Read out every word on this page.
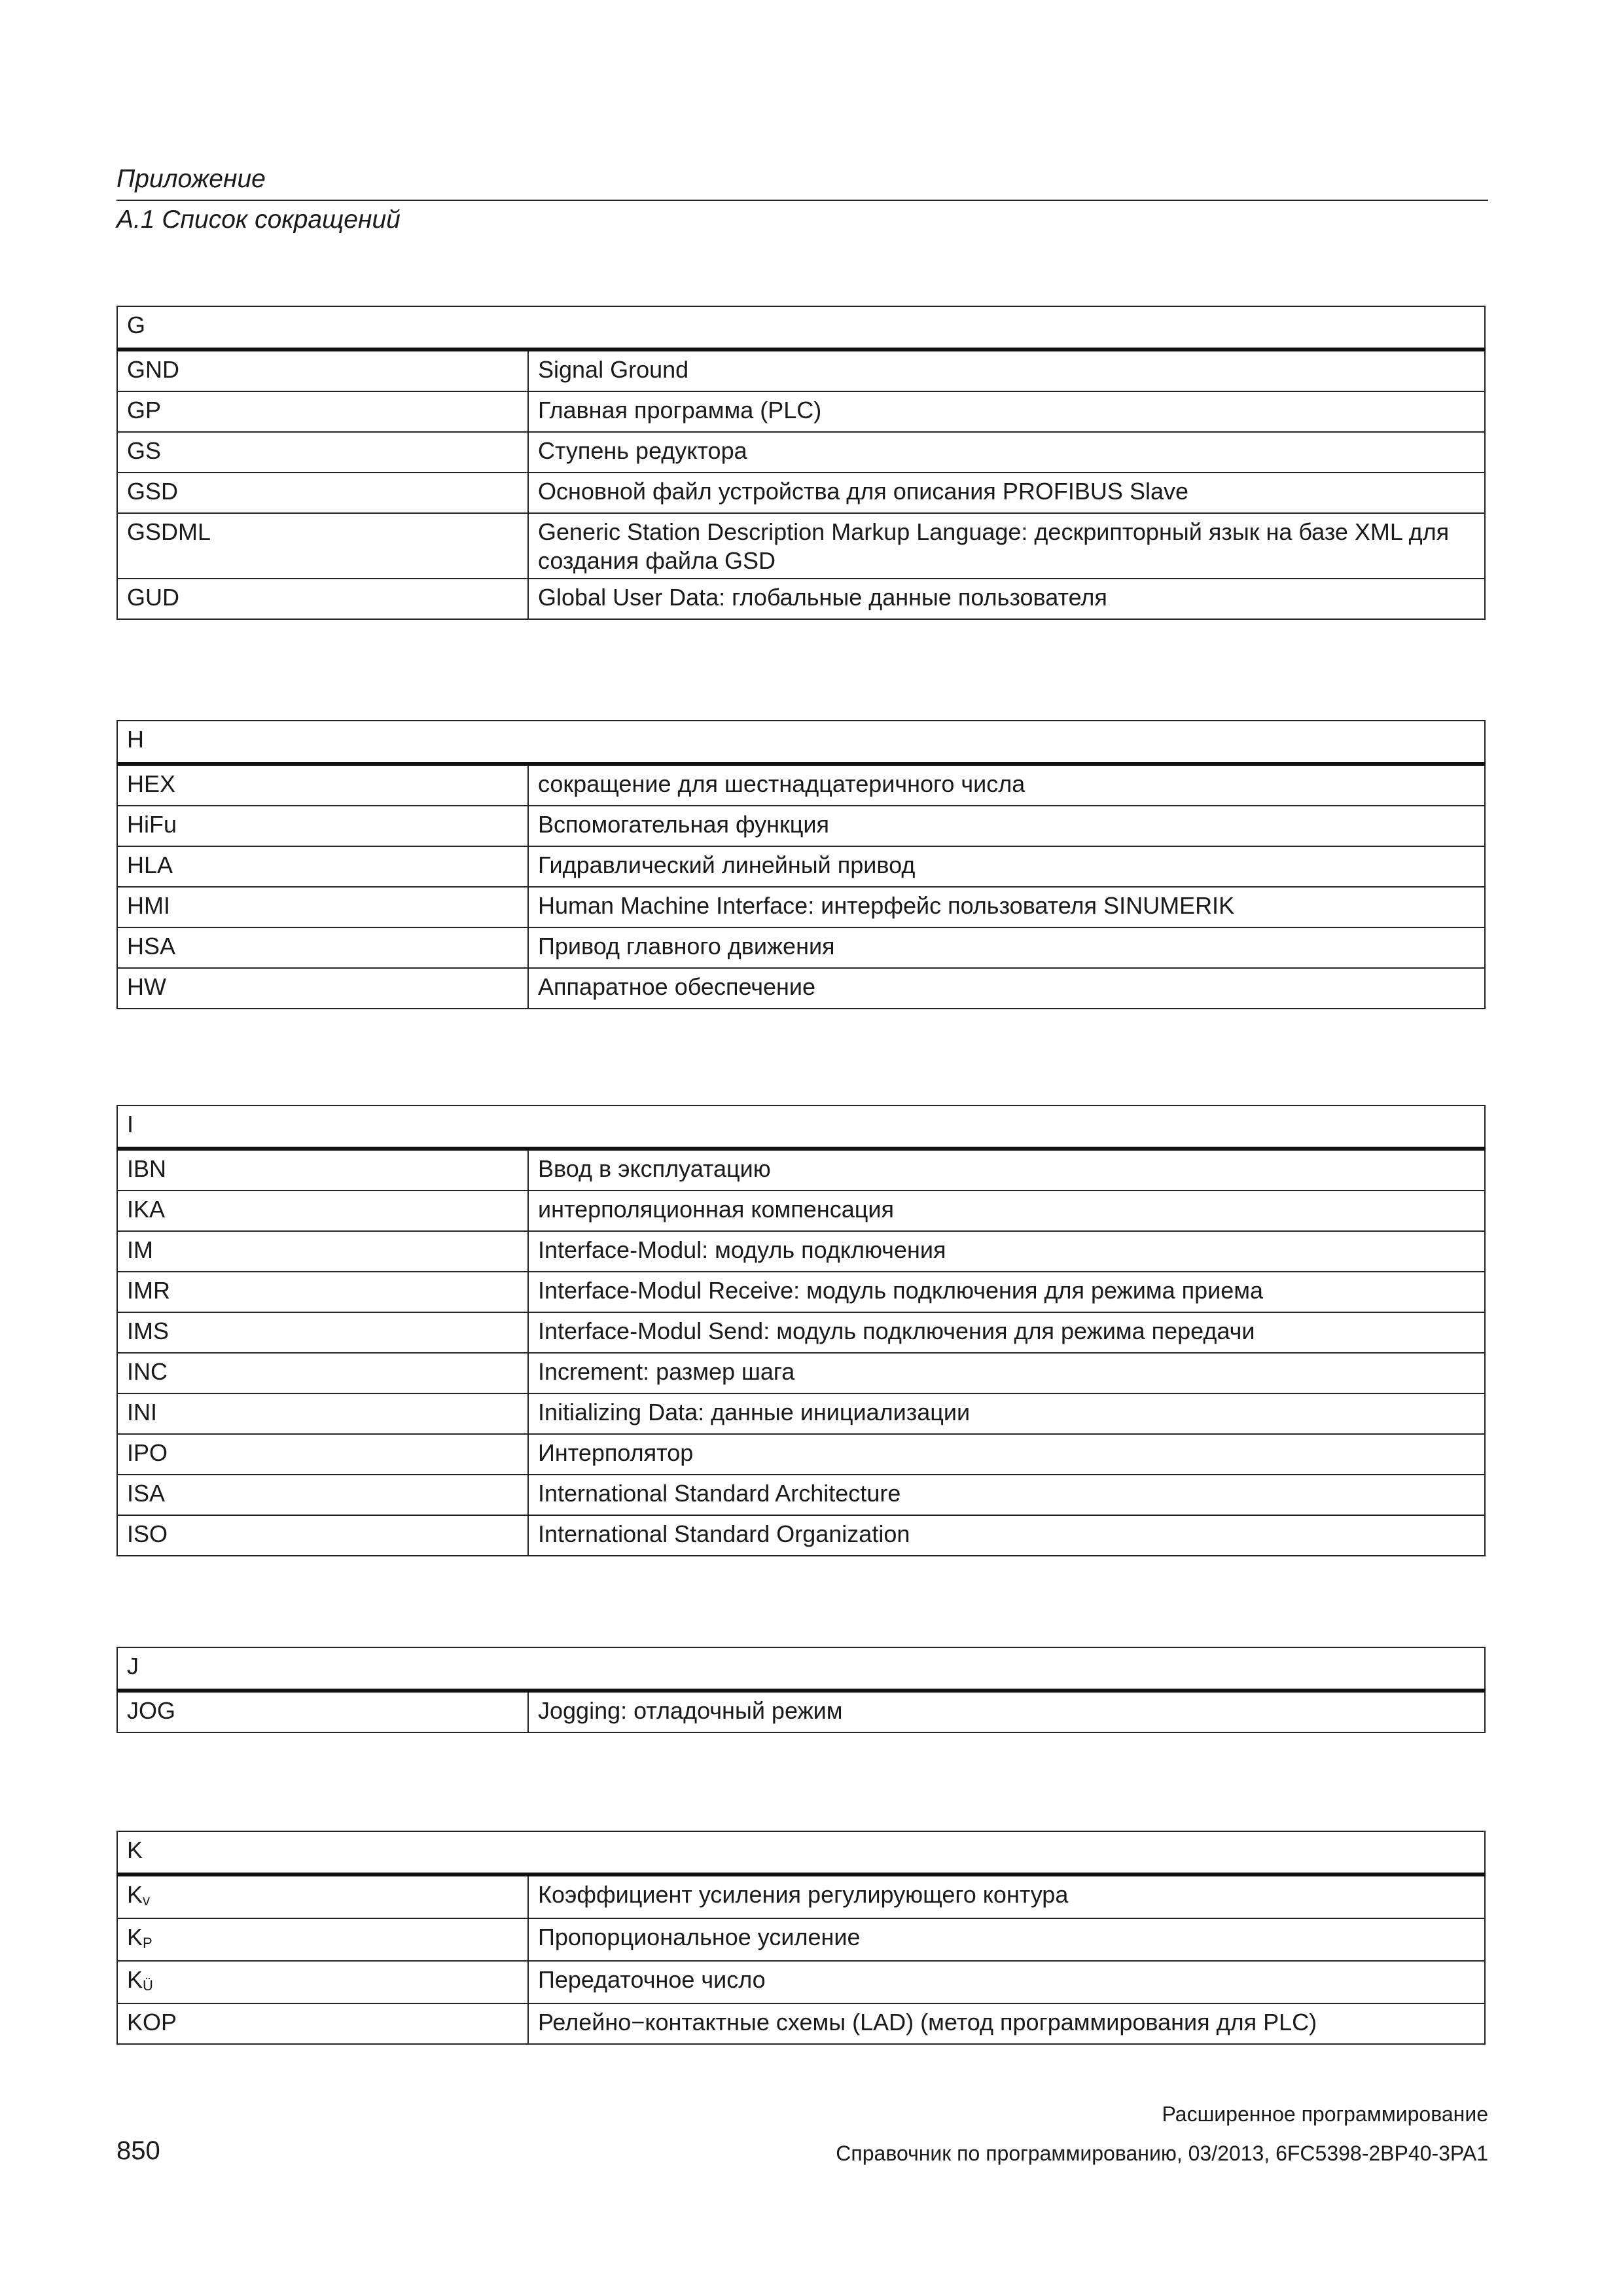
Приложение
A.1 Список сокращений
G	
GND	Signal Ground
GP	Главная программа (PLC)
GS	Ступень редуктора
GSD	Основной файл устройства для описания PROFIBUS Slave
GSDML	Generic Station Description Markup Language: дескрипторный язык на базе XML для создания файла GSD
GUD	Global User Data: глобальные данные пользователя
H	
HEX	сокращение для шестнадцатеричного числа
HiFu	Вспомогательная функция
HLA	Гидравлический линейный привод
HMI	Human Machine Interface: интерфейс пользователя SINUMERIK
HSA	Привод главного движения
HW	Аппаратное обеспечение
I	
IBN	Ввод в эксплуатацию
IKA	интерполяционная компенсация
IM	Interface-Modul: модуль подключения
IMR	Interface-Modul Receive: модуль подключения для режима приема
IMS	Interface-Modul Send: модуль подключения для режима передачи
INC	Increment: размер шага
INI	Initializing Data: данные инициализации
IPO	Интерполятор
ISA	International Standard Architecture
ISO	International Standard Organization
J
JOG	Jogging: отладочный режим
K	
Kv	Коэффициент усиления регулирующего контура
KP	Пропорциональное усиление
KÜ	Передаточное число
KOP	Релейно−контактные схемы (LAD) (метод программирования для PLC)
Расширенное программирование
850	Справочник по программированию, 03/2013, 6FC5398-2BP40-3PA1
